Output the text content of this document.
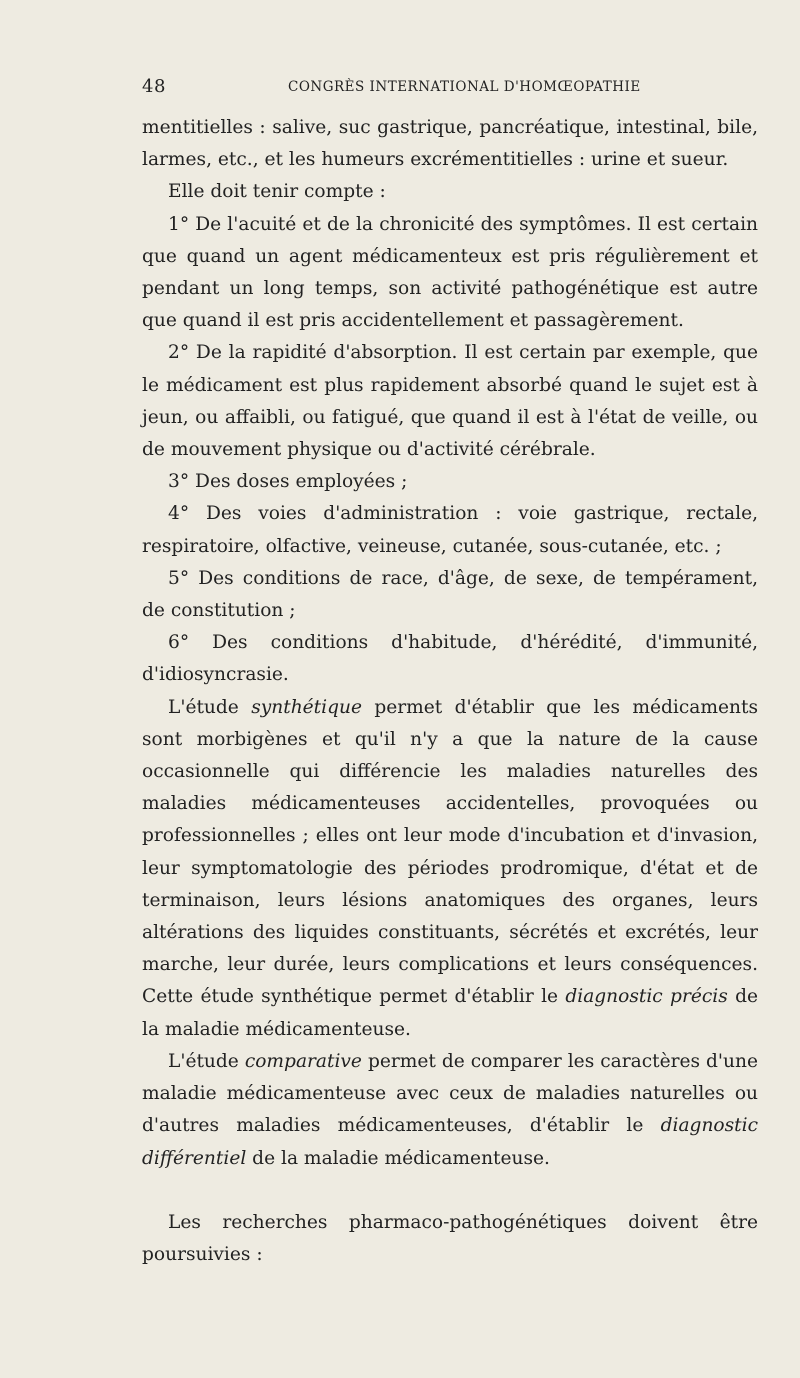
48	CONGRÈS INTERNATIONAL D'HOMŒOPATHIE

mentitielles : salive, suc gastrique, pancréatique, intestinal, bile, larmes, etc., et les humeurs excrémentitielles : urine et sueur.

Elle doit tenir compte :

1° De l'acuité et de la chronicité des symptômes. Il est certain que quand un agent médicamenteux est pris régulièrement et pendant un long temps, son activité pathogénétique est autre que quand il est pris accidentellement et passagèrement.

2° De la rapidité d'absorption. Il est certain par exemple, que le médicament est plus rapidement absorbé quand le sujet est à jeun, ou affaibli, ou fatigué, que quand il est à l'état de veille, ou de mouvement physique ou d'activité cérébrale.

3° Des doses employées ;

4° Des voies d'administration : voie gastrique, rectale, respiratoire, olfactive, veineuse, cutanée, sous-cutanée, etc. ;

5° Des conditions de race, d'âge, de sexe, de tempérament, de constitution ;

6° Des conditions d'habitude, d'hérédité, d'immunité, d'idiosyncrasie.

L'étude synthétique permet d'établir que les médicaments sont morbigènes et qu'il n'y a que la nature de la cause occasionnelle qui différencie les maladies naturelles des maladies médicamenteuses accidentelles, provoquées ou professionnelles ; elles ont leur mode d'incubation et d'invasion, leur symptomatologie des périodes prodromique, d'état et de terminaison, leurs lésions anatomiques des organes, leurs altérations des liquides constituants, sécrétés et excrétés, leur marche, leur durée, leurs complications et leurs conséquences. Cette étude synthétique permet d'établir le diagnostic précis de la maladie médicamenteuse.

L'étude comparative permet de comparer les caractères d'une maladie médicamenteuse avec ceux de maladies naturelles ou d'autres maladies médicamenteuses, d'établir le diagnostic différentiel de la maladie médicamenteuse.

Les recherches pharmaco-pathogénétiques doivent être poursuivies :
